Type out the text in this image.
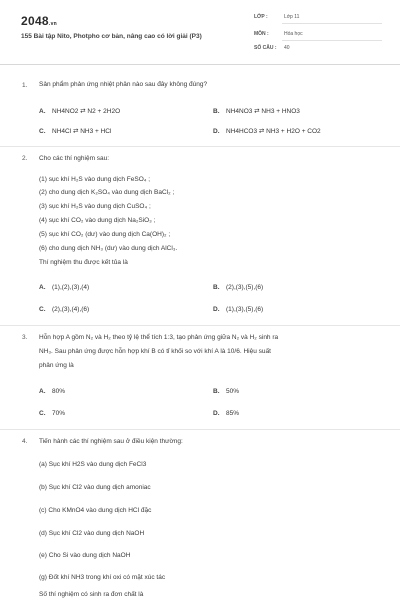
2048.vn
155 Bài tập Nito, Photpho cơ bản, nâng cao có lời giải (P3)
LỚP :	Lớp 11
MÔN :	Hóa học
SỐ CÂU : 40
1. Sản phẩm phản ứng nhiệt phân nào sau đây không đúng?
A. NH4NO2 ⇄ N2 + 2H2O	B. NH4NO3 ⇄ NH3 + HNO3
C. NH4Cl ⇄ NH3 + HCl	D. NH4HCO3 ⇄ NH3 + H2O + CO2
2. Cho các thí nghiệm sau:
(1) sục khí H₂S vào dung dịch FeSO₄ ;
(2) cho dung dịch K₂SO₄ vào dung dịch BaCl₂ ;
(3) sục khí H₂S vào dung dịch CuSO₄ ;
(4) sục khí CO₂ vào dung dịch Na₂SiO₃ ;
(5) sục khí CO₂ (dư) vào dung dịch Ca(OH)₂ ;
(6) cho dung dịch NH₃ (dư) vào dung dịch AlCl₃.
Thí nghiệm thu được kết tủa là
A. (1),(2),(3),(4)	B. (2),(3),(5),(6)
C. (2),(3),(4),(6)	D. (1),(3),(5),(6)
3. Hỗn hợp A gồm N₂ và H₂ theo tỷ lệ thể tích 1:3, tạo phản ứng giữa N₂ và H₂ sinh ra
NH₃. Sau phản ứng được hỗn hợp khí B có tỉ khối so với khí A là 10/6. Hiệu suất
phản ứng là
A. 80%	B. 50%
C. 70%	D. 85%
4. Tiến hành các thí nghiệm sau ở điều kiện thường:
(a) Sục khí H2S vào dung dịch FeCl3
(b) Sục khí Cl2 vào dung dịch amoniac
(c) Cho KMnO4 vào dung dịch HCl đặc
(d) Sục khí Cl2 vào dung dịch NaOH
(e) Cho Si vào dung dịch NaOH
(g) Đốt khí NH3 trong khí oxi có mặt xúc tác
Số thí nghiệm có sinh ra đơn chất là
